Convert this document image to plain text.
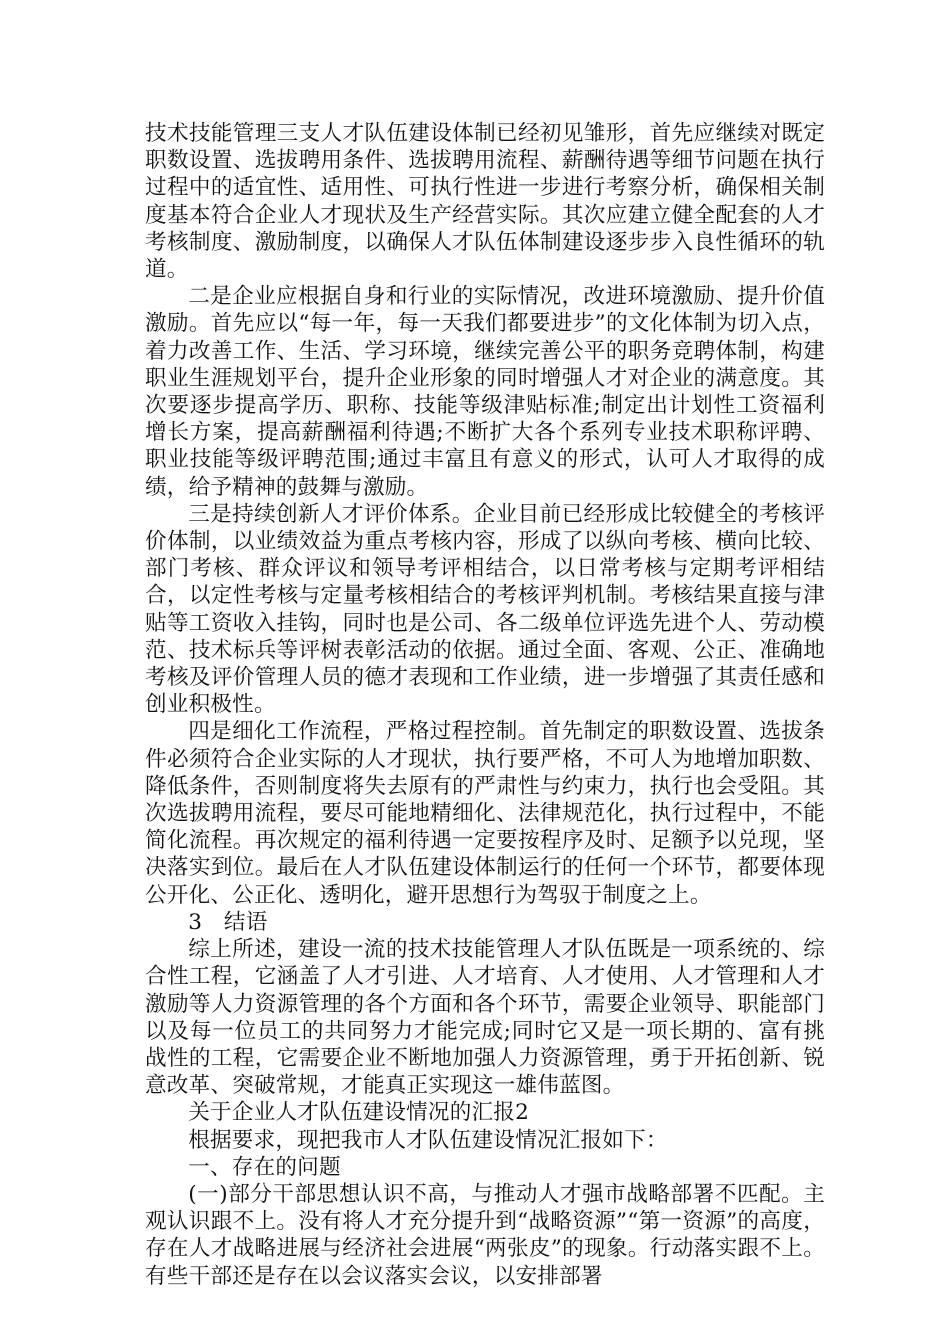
技术技能管理三支人才队伍建设体制已经初见雏形，首先应继续对既定职数设置、选拔聘用条件、选拔聘用流程、薪酬待遇等细节问题在执行过程中的适宜性、适用性、可执行性进一步进行考察分析，确保相关制度基本符合企业人才现状及生产经营实际。其次应建立健全配套的人才考核制度、激励制度，以确保人才队伍体制建设逐步步入良性循环的轨道。

二是企业应根据自身和行业的实际情况，改进环境激励、提升价值激励。首先应以“每一年，每一天我们都要进步”的文化体制为切入点，着力改善工作、生活、学习环境，继续完善公平的职务竞聘体制，构建职业生涯规划平台，提升企业形象的同时增强人才对企业的满意度。其次要逐步提高学历、职称、技能等级津贴标准;制定出计划性工资福利增长方案，提高薪酬福利待遇;不断扩大各个系列专业技术职称评聘、职业技能等级评聘范围;通过丰富且有意义的形式，认可人才取得的成绩，给予精神的鼓舞与激励。

三是持续创新人才评价体系。企业目前已经形成比较健全的考核评价体制，以业绩效益为重点考核内容，形成了以纵向考核、横向比较、部门考核、群众评议和领导考评相结合，以日常考核与定期考评相结合，以定性考核与定量考核相结合的考核评判机制。考核结果直接与津贴等工资收入挂钩，同时也是公司、各二级单位评选先进个人、劳动模范、技术标兵等评树表彰活动的依据。通过全面、客观、公正、准确地考核及评价管理人员的德才表现和工作业绩，进一步增强了其责任感和创业积极性。

四是细化工作流程，严格过程控制。首先制定的职数设置、选拔条件必须符合企业实际的人才现状，执行要严格，不可人为地增加职数、降低条件，否则制度将失去原有的严肃性与约束力，执行也会受阻。其次选拔聘用流程，要尽可能地精细化、法律规范化，执行过程中，不能简化流程。再次规定的福利待遇一定要按程序及时、足额予以兑现，坚决落实到位。最后在人才队伍建设体制运行的任何一个环节，都要体现公开化、公正化、透明化，避开思想行为驾驭于制度之上。

3　结语

综上所述，建设一流的技术技能管理人才队伍既是一项系统的、综合性工程，它涵盖了人才引进、人才培育、人才使用、人才管理和人才激励等人力资源管理的各个方面和各个环节，需要企业领导、职能部门以及每一位员工的共同努力才能完成;同时它又是一项长期的、富有挑战性的工程，它需要企业不断地加强人力资源管理，勇于开拓创新、锐意改革、突破常规，才能真正实现这一雄伟蓝图。

关于企业人才队伍建设情况的汇报2

根据要求，现把我市人才队伍建设情况汇报如下：

一、存在的问题

(一)部分干部思想认识不高，与推动人才强市战略部署不匹配。主观认识跟不上。没有将人才充分提升到“战略资源”“第一资源”的高度，存在人才战略进展与经济社会进展“两张皮”的现象。行动落实跟不上。有些干部还是存在以会议落实会议，以安排部署
